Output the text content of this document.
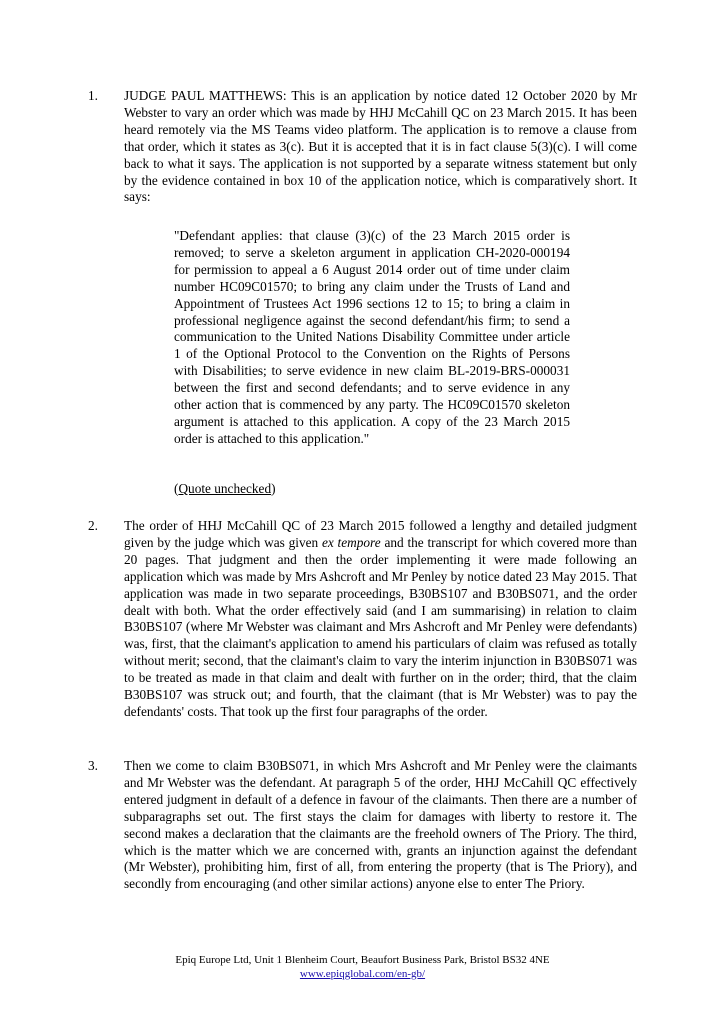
1. JUDGE PAUL MATTHEWS: This is an application by notice dated 12 October 2020 by Mr Webster to vary an order which was made by HHJ McCahill QC on 23 March 2015. It has been heard remotely via the MS Teams video platform. The application is to remove a clause from that order, which it states as 3(c). But it is accepted that it is in fact clause 5(3)(c). I will come back to what it says. The application is not supported by a separate witness statement but only by the evidence contained in box 10 of the application notice, which is comparatively short. It says:
"Defendant applies: that clause (3)(c) of the 23 March 2015 order is removed; to serve a skeleton argument in application CH-2020-000194 for permission to appeal a 6 August 2014 order out of time under claim number HC09C01570; to bring any claim under the Trusts of Land and Appointment of Trustees Act 1996 sections 12 to 15; to bring a claim in professional negligence against the second defendant/his firm; to send a communication to the United Nations Disability Committee under article 1 of the Optional Protocol to the Convention on the Rights of Persons with Disabilities; to serve evidence in new claim BL-2019-BRS-000031 between the first and second defendants; and to serve evidence in any other action that is commenced by any party. The HC09C01570 skeleton argument is attached to this application. A copy of the 23 March 2015 order is attached to this application."
(Quote unchecked)
2. The order of HHJ McCahill QC of 23 March 2015 followed a lengthy and detailed judgment given by the judge which was given ex tempore and the transcript for which covered more than 20 pages. That judgment and then the order implementing it were made following an application which was made by Mrs Ashcroft and Mr Penley by notice dated 23 May 2015. That application was made in two separate proceedings, B30BS107 and B30BS071, and the order dealt with both. What the order effectively said (and I am summarising) in relation to claim B30BS107 (where Mr Webster was claimant and Mrs Ashcroft and Mr Penley were defendants) was, first, that the claimant's application to amend his particulars of claim was refused as totally without merit; second, that the claimant's claim to vary the interim injunction in B30BS071 was to be treated as made in that claim and dealt with further on in the order; third, that the claim B30BS107 was struck out; and fourth, that the claimant (that is Mr Webster) was to pay the defendants' costs. That took up the first four paragraphs of the order.
3. Then we come to claim B30BS071, in which Mrs Ashcroft and Mr Penley were the claimants and Mr Webster was the defendant. At paragraph 5 of the order, HHJ McCahill QC effectively entered judgment in default of a defence in favour of the claimants. Then there are a number of subparagraphs set out. The first stays the claim for damages with liberty to restore it. The second makes a declaration that the claimants are the freehold owners of The Priory. The third, which is the matter which we are concerned with, grants an injunction against the defendant (Mr Webster), prohibiting him, first of all, from entering the property (that is The Priory), and secondly from encouraging (and other similar actions) anyone else to enter The Priory.
Epiq Europe Ltd, Unit 1 Blenheim Court, Beaufort Business Park, Bristol BS32 4NE
www.epiqglobal.com/en-gb/
